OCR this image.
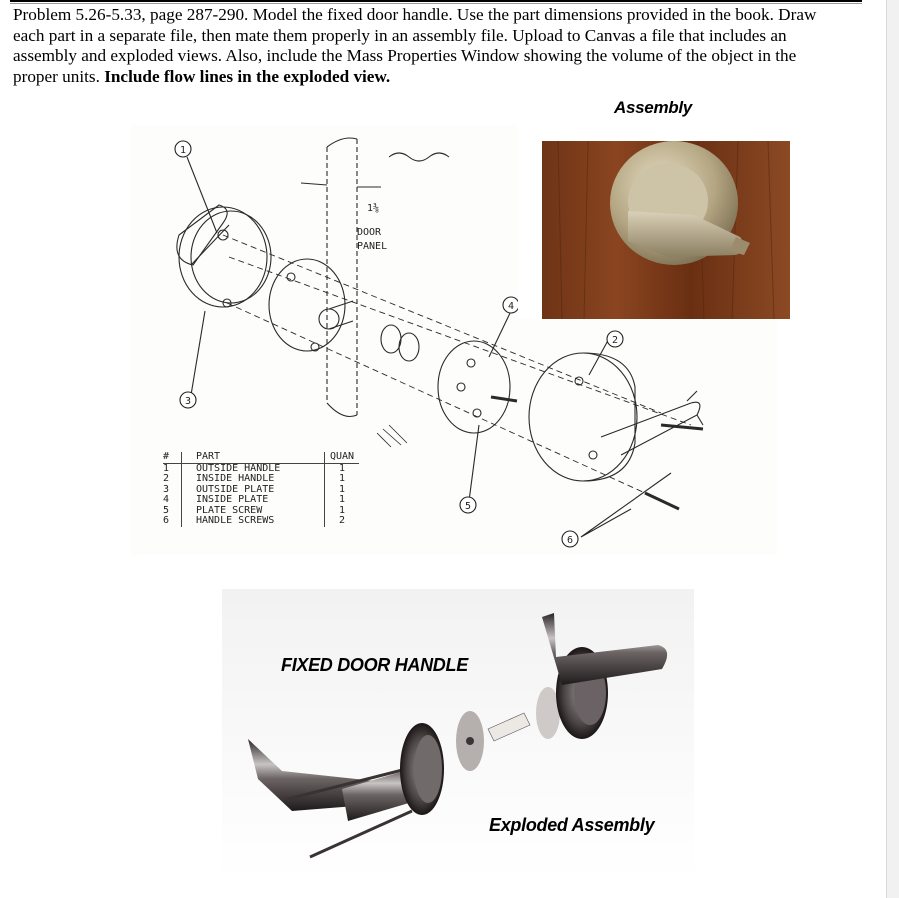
Problem 5.26-5.33, page 287-290. Model the fixed door handle. Use the part dimensions provided in the book. Draw each part in a separate file, then mate them properly in an assembly file. Upload to Canvas a file that includes an assembly and exploded views. Also, include the Mass Properties Window showing the volume of the object in the proper units. Include flow lines in the exploded view.

1
2
3
4
5
6
1⅜
DOOR
PANEL
#	PART	QUAN
1	OUTSIDE HANDLE	1
2	INSIDE HANDLE	1
3	OUTSIDE PLATE	1
4	INSIDE PLATE	1
5	PLATE SCREW	1
6	HANDLE SCREWS	2
Assembly
FIXED DOOR HANDLE
Exploded Assembly
